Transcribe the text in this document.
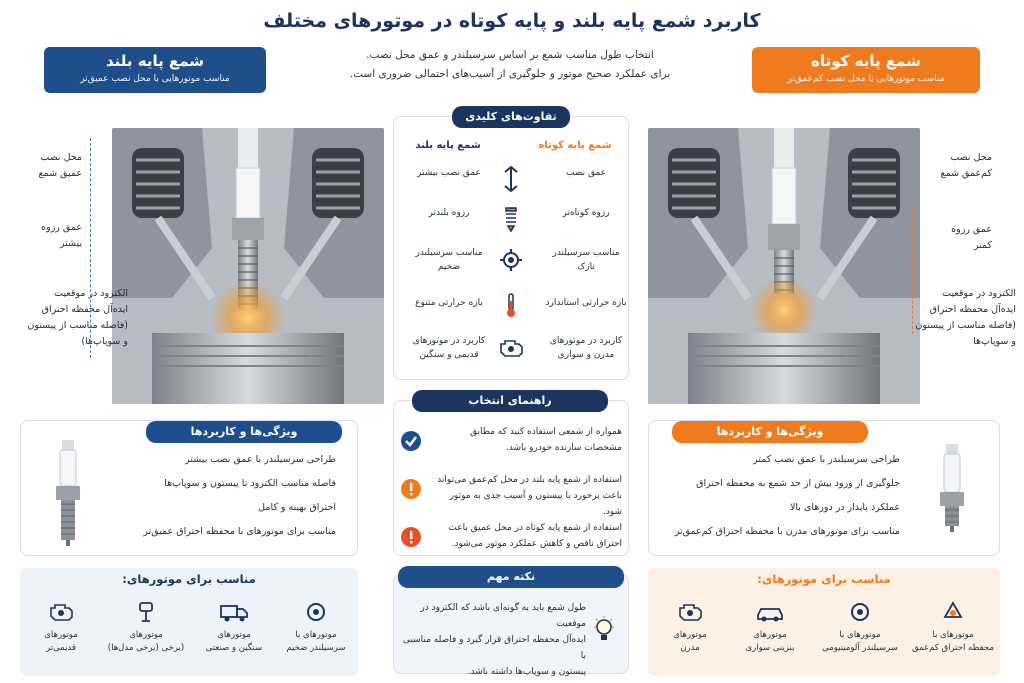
کاربرد شمع پایه بلند و پایه کوتاه در موتورهای مختلف
انتخاب طول مناسب شمع بر اساس سرسیلندر و عمق محل نصب.
برای عملکرد صحیح موتور و جلوگیری از آسیب‌های احتمالی ضروری است.
شمع پایه بلند
مناسب موتورهایی با محل نصب عمیق‌تر
شمع پایه کوتاه
مناسب موتورهایی با محل نصب کم‌عمق‌تر
محل نصب
عمیق شمع
عمق رزوه
بیشتر
الکترود در موقعیت
ایده‌آل محفظه احتراق
(فاصله مناسب از پیستون
و سوپاپ‌ها)
محل نصب
کم‌عمق شمع
عمق رزوه
کمتر
الکترود در موقعیت
ایده‌آل محفظه احتراق
(فاصله مناسب از پیستون
و سوپاپ‌ها
تفاوت‌های کلیدی
شمع پایه کوتاه
شمع پایه بلند
عمق نصب
عمق نصب بیشتر
رزوه کوتاه‌تر
رزوه بلندتر
مناسب سرسیلندر
نازک
مناسب سرسیلندر
ضخیم
بازه حرارتی استاندارد
بازه حرارتی متنوع
کاربرد در موتورهای
مدرن و سواری
کاربرد در موتورهای
قدیمی و سنگین
راهنمای انتخاب
همواره از شمعی استفاده کنید که مطابق
مشخصات سازنده خودرو باشد.
استفاده از شمع پایه بلند در محل کم‌عمق می‌تواند
باعث برخورد با پیستون و آسیب جدی به موتور شود.
استفاده از شمع پایه کوتاه در محل عمیق باعث
احتراق ناقص و کاهش عملکرد موتور می‌شود.
نکته مهم
طول شمع باید به گونه‌ای باشد که الکترود در موقعیت
ایده‌آل محفظه احتراق قرار گیرد و فاصله مناسبی با
پیستون و سوپاپ‌ها داشته باشد.
ویژگی‌ها و کاربردها
طراحی سرسیلندر با عمق نصب بیشتر
فاصله مناسب الکترود تا پیستون و سوپاپ‌ها
احتراق بهینه و کامل
مناسب برای موتورهای با محفظه احتراق عمیق‌تر
ویژگی‌ها و کاربردها
طراحی سرسیلندر با عمق نصب کمتر
جلوگیری از ورود بیش از حد شمع به محفظه احتراق
عملکرد پایدار در دورهای بالا
مناسب برای موتورهای مدرن با محفظه احتراق کم‌عمق‌تر
مناسب برای موتورهای:
موتورهای با
سرسیلندر ضخیم
موتورهای
سنگین و صنعتی
موتورهای
(برخی (برخی مدل‌ها)
موتورهای
قدیمی‌تر
مناسب برای موتورهای:
موتورهای با
محفظه احتراق کم‌عمق
موتورهای با
سرسیلندر آلومینیومی
موتورهای
بنزینی سواری
موتورهای
مدرن
